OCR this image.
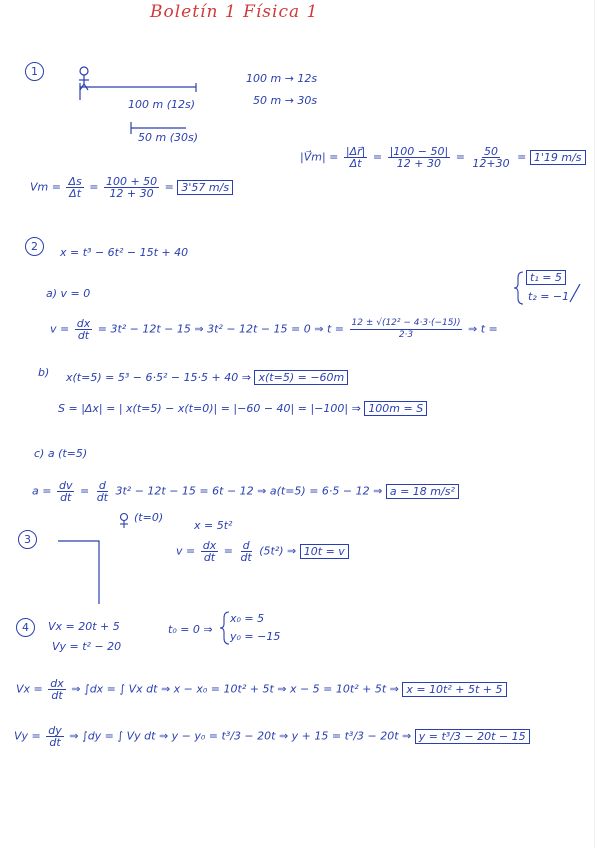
Boletín 1 Física 1
1
100 m (12s)
50 m (30s)
100 m → 12s
50 m → 30s
$Vm = \frac{\Delta s}{\Delta t} = \frac{100 + 50}{12 + 30} = 3'57$ m/s
|V⃗m| = $\frac{|\Delta r⃗|}{\Delta t} = \frac{|100 - 50|}{12 + 30} = \frac{50}{12+30} = 1'19$ m/s
2	x = t³ − 6t² − 15t + 40
a) v = 0
$v = \frac{dx}{dt} = 3t^2 - 12t - 15$ ⇒ 3t² − 12t − 15 = 0 ⇒ $t = \frac{\text{12 ± √(12² − 4·3·(−15))}}{2\cdot 3}$ ⇒ t =
t₁ = 5
t₂ = −1
b) x(t=5) = 5³ − 6·5² − 15·5 + 40 ⇒ x(t=5) = −60m
S = |Δx| = | x(t=5) − x(t=0)| = |−60 − 40| = |−100| ⇒ 100m = S
c) a (t=5)
$a = \frac{dv}{dt} = \frac{d}{dt} 3t^2 - 12t - 15 = 6t - 12$ ⇒ a(t=5) = 6·5 − 12 ⇒ a = 18 m/s²
3
(t=0)
x = 5t²
$v = \frac{dx}{dt} = \frac{d}{dt} (5t^2)$ ⇒ 10t = v
4	Vx = 20t + 5
Vy = t² − 20
t₀ = 0 ⇒
x₀ = 5
y₀ = −15
$Vx = \frac{dx}{dt}$ ⇒ ∫dx = ∫ Vx dt ⇒ x − x₀ = 10t² + 5t ⇒ x − 5 = 10t² + 5t ⇒ x = 10t² + 5t + 5
$Vy = \frac{dy}{dt}$ ⇒ ∫dy = ∫ Vy dt ⇒ y − y₀ = t³/3 − 20t ⇒ y + 15 = t³/3 − 20t ⇒ y = t³/3 − 20t − 15
